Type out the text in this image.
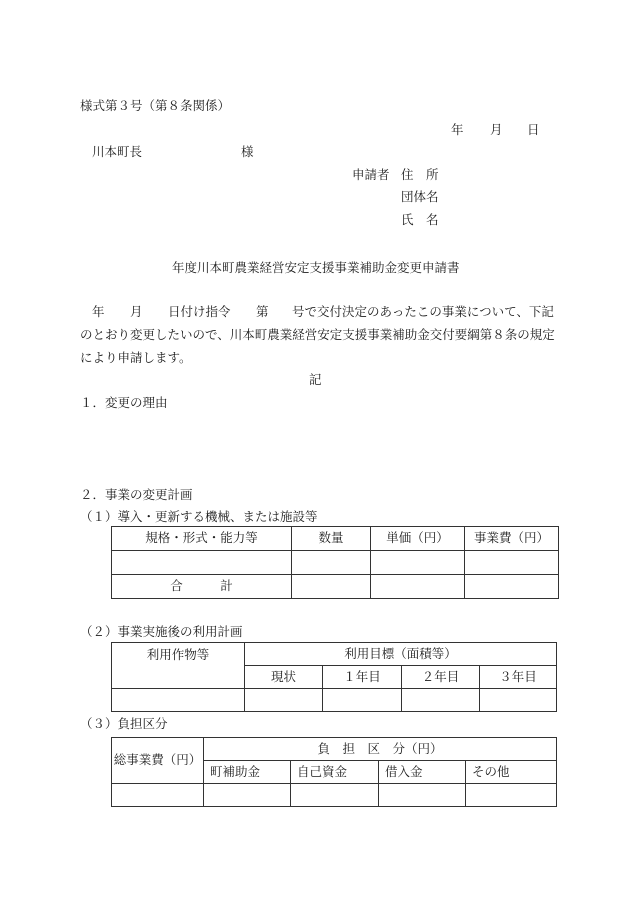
様式第３号（第８条関係）
年 月 日
川本町長	様
申請者 住　所
団体名
氏　名
年度川本町農業経営安定支援事業補助金変更申請書
年 月 日付け指令 第 号で交付決定のあったこの事業について、下記
のとおり変更したいので、川本町農業経営安定支援事業補助金交付要綱第８条の規定
により申請します。
記
１．変更の理由
２．事業の変更計画
（１）導入・更新する機械、または施設等
規格・形式・能力等	数量	単価（円）	事業費（円）

合　　　計			
（２）事業実施後の利用計画
利用作物等	利用目標（面積等）			
	現状	１年目	２年目	３年目

（３）負担区分
総事業費（円）	負　担　区　分（円）			
	町補助金	自己資金	借入金	その他
